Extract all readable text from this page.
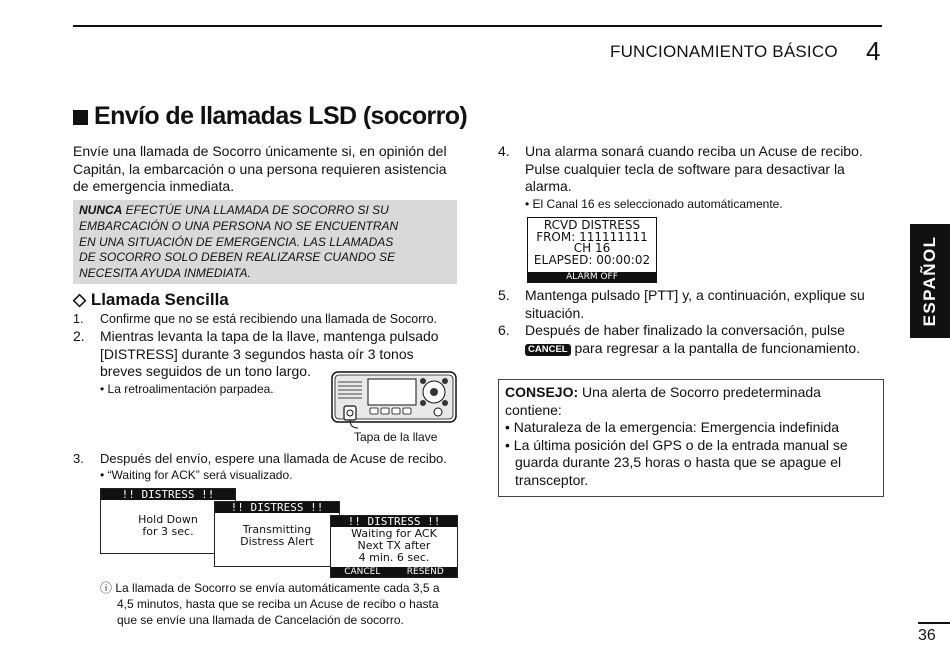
FUNCIONAMIENTO BÁSICO 4
ESPAÑOL
Envío de llamadas LSD (socorro)
Envíe una llamada de Socorro únicamente si, en opinión del
Capitán, la embarcación o una persona requieren asistencia
de emergencia inmediata.
NUNCA EFECTÚE UNA LLAMADA DE SOCORRO SI SU
EMBARCACIÓN O UNA PERSONA NO SE ENCUENTRAN
EN UNA SITUACIÓN DE EMERGENCIA. LAS LLAMADAS
DE SOCORRO SOLO DEBEN REALIZARSE CUANDO SE
NECESITA AYUDA INMEDIATA.
◇ Llamada Sencilla
1. Confirme que no se está recibiendo una llamada de Socorro.
2. Mientras levanta la tapa de la llave, mantenga pulsado
[DISTRESS] durante 3 segundos hasta oír 3 tonos
breves seguidos de un tono largo.
• La retroalimentación parpadea.
Tapa de la llave
3. Después del envío, espere una llamada de Acuse de recibo.
• “Waiting for ACK” será visualizado.
!! DISTRESS !!
Hold Down
for 3 sec.
!! DISTRESS !!
Transmitting
Distress Alert
!! DISTRESS !!
Waiting for ACK
Next TX after
4 min. 6 sec.
CANCEL	RESEND
ⓘ La llamada de Socorro se envía automáticamente cada 3,5 a
4,5 minutos, hasta que se reciba un Acuse de recibo o hasta
que se envíe una llamada de Cancelación de socorro.
4. Una alarma sonará cuando reciba un Acuse de recibo.
Pulse cualquier tecla de software para desactivar la
alarma.
• El Canal 16 es seleccionado automáticamente.
RCVD DISTRESS
FROM: 111111111
CH 16
ELAPSED: 00:00:02
ALARM OFF
5. Mantenga pulsado [PTT] y, a continuación, explique su
situación.
6. Después de haber finalizado la conversación, pulse
CANCEL para regresar a la pantalla de funcionamiento.
CONSEJO: Una alerta de Socorro predeterminada
contiene:
• Naturaleza de la emergencia: Emergencia indefinida
• La última posición del GPS o de la entrada manual se
guarda durante 23,5 horas o hasta que se apague el
transceptor.
36
